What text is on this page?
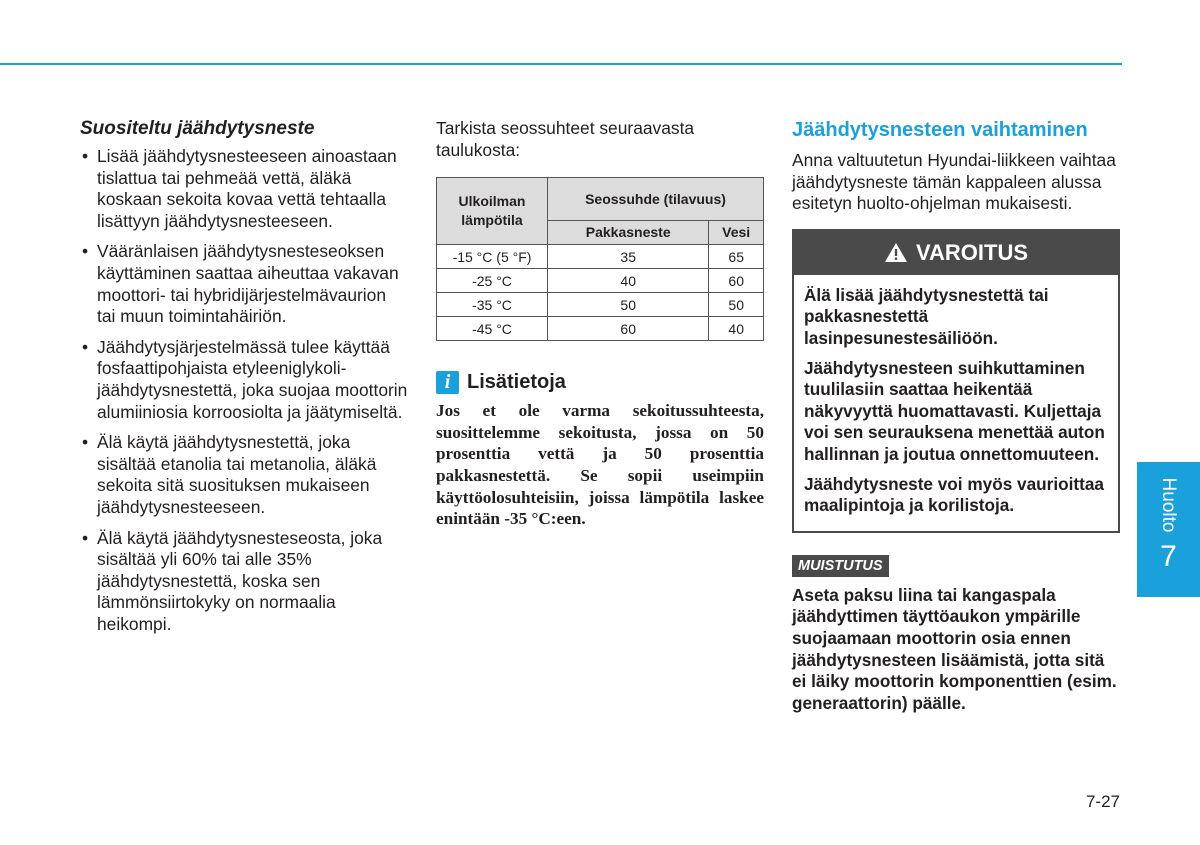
Suositeltu jäähdytysneste

• Lisää jäähdytysnesteeseen ainoastaan tislattua tai pehmeää vettä, äläkä koskaan sekoita kovaa vettä tehtaalla lisättyyn jäähdytysnesteeseen.
• Vääränlaisen jäähdytysnesteseoksen käyttäminen saattaa aiheuttaa vakavan moottori- tai hybridijärjestelmävaurion tai muun toimintahäiriön.
• Jäähdytysjärjestelmässä tulee käyttää fosfaattipohjaista etyleeniglykoli-jäähdytysnestettä, joka suojaa moottorin alumiiniosia korroosiolta ja jäätymiseltä.
• Älä käytä jäähdytysnestettä, joka sisältää etanolia tai metanolia, äläkä sekoita sitä suosituksen mukaiseen jäähdytysnesteeseen.
• Älä käytä jäähdytysnesteseosta, joka sisältää yli 60% tai alle 35% jäähdytysnestettä, koska sen lämmönsiirtokyky on normaalia heikompi.

Tarkista seossuhteet seuraavasta taulukosta:

Ulkoilman lämpötila	Seossuhde (tilavuus)	
	Pakkasneste	Vesi
-15 °C (5 °F)	35	65
-25 °C	40	60
-35 °C	50	50
-45 °C	60	40
i Lisätietoja

Jos et ole varma sekoitussuhteesta, suosittelemme sekoitusta, jossa on 50 prosenttia vettä ja 50 prosenttia pakkasnestettä. Se sopii useimpiin käyttöolosuhteisiin, joissa lämpötila laskee enintään -35 °C:een.

Jäähdytysnesteen vaihtaminen

Anna valtuutetun Hyundai-liikkeen vaihtaa jäähdytysneste tämän kappaleen alussa esitetyn huolto-ohjelman mukaisesti.

VAROITUS

Älä lisää jäähdytysnestettä tai pakkasnestettä lasinpesunestesäiliöön.

Jäähdytysnesteen suihkuttaminen tuulilasiin saattaa heikentää näkyvyyttä huomattavasti. Kuljettaja voi sen seurauksena menettää auton hallinnan ja joutua onnettomuuteen.

Jäähdytysneste voi myös vaurioittaa maalipintoja ja korilistoja.

MUISTUTUS

Aseta paksu liina tai kangaspala jäähdyttimen täyttöaukon ympärille suojaamaan moottorin osia ennen jäähdytysnesteen lisäämistä, jotta sitä ei läiky moottorin komponenttien (esim. generaattorin) päälle.

Huolto
7
7-27
